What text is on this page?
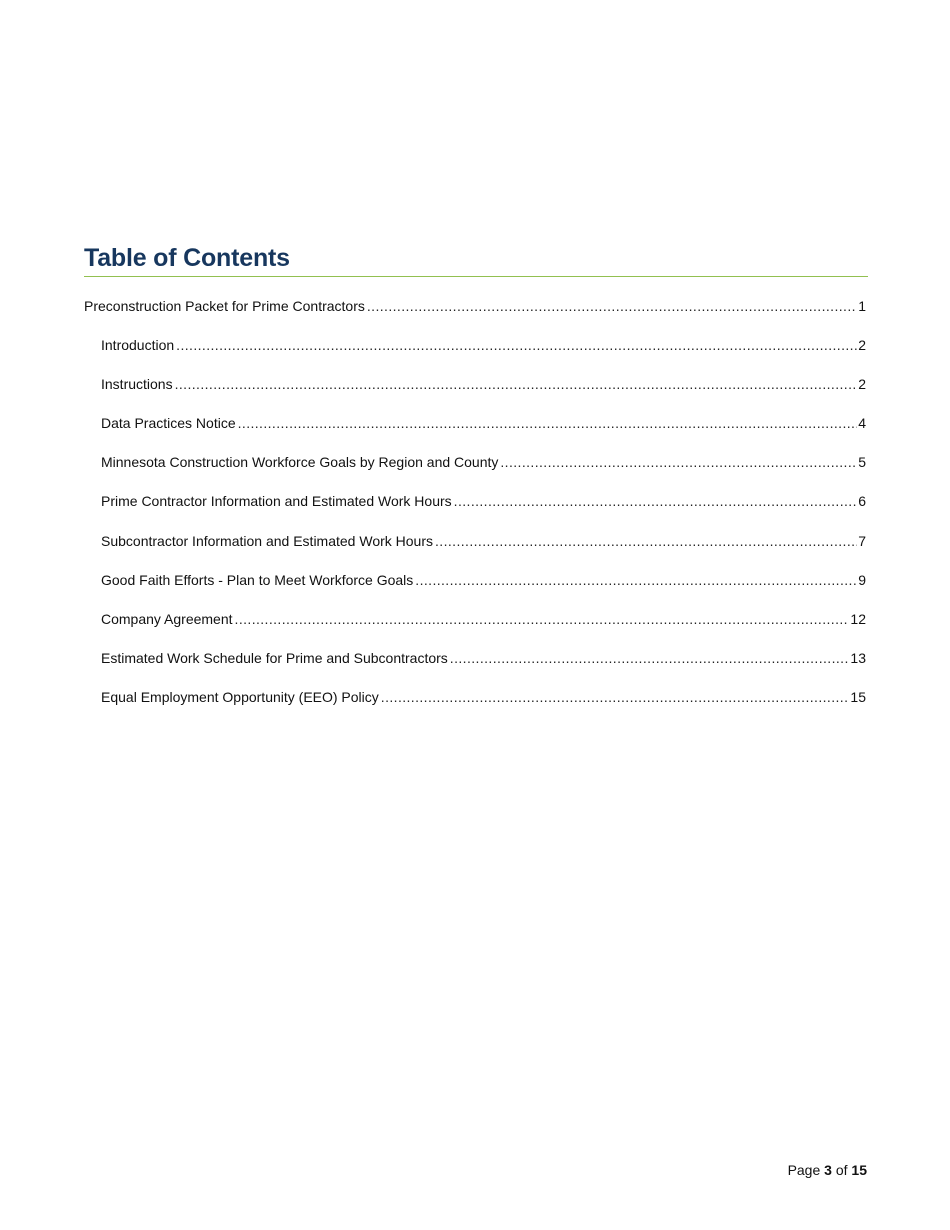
Table of Contents
Preconstruction Packet for Prime Contractors .....	1
Introduction .....	2
Instructions .....	2
Data Practices Notice .....	4
Minnesota Construction Workforce Goals by Region and County .....	5
Prime Contractor Information and Estimated Work Hours .....	6
Subcontractor Information and Estimated Work Hours .....	7
Good Faith Efforts - Plan to Meet Workforce Goals .....	9
Company Agreement .....	12
Estimated Work Schedule for Prime and Subcontractors .....	13
Equal Employment Opportunity (EEO) Policy .....	15
Page 3 of 15
